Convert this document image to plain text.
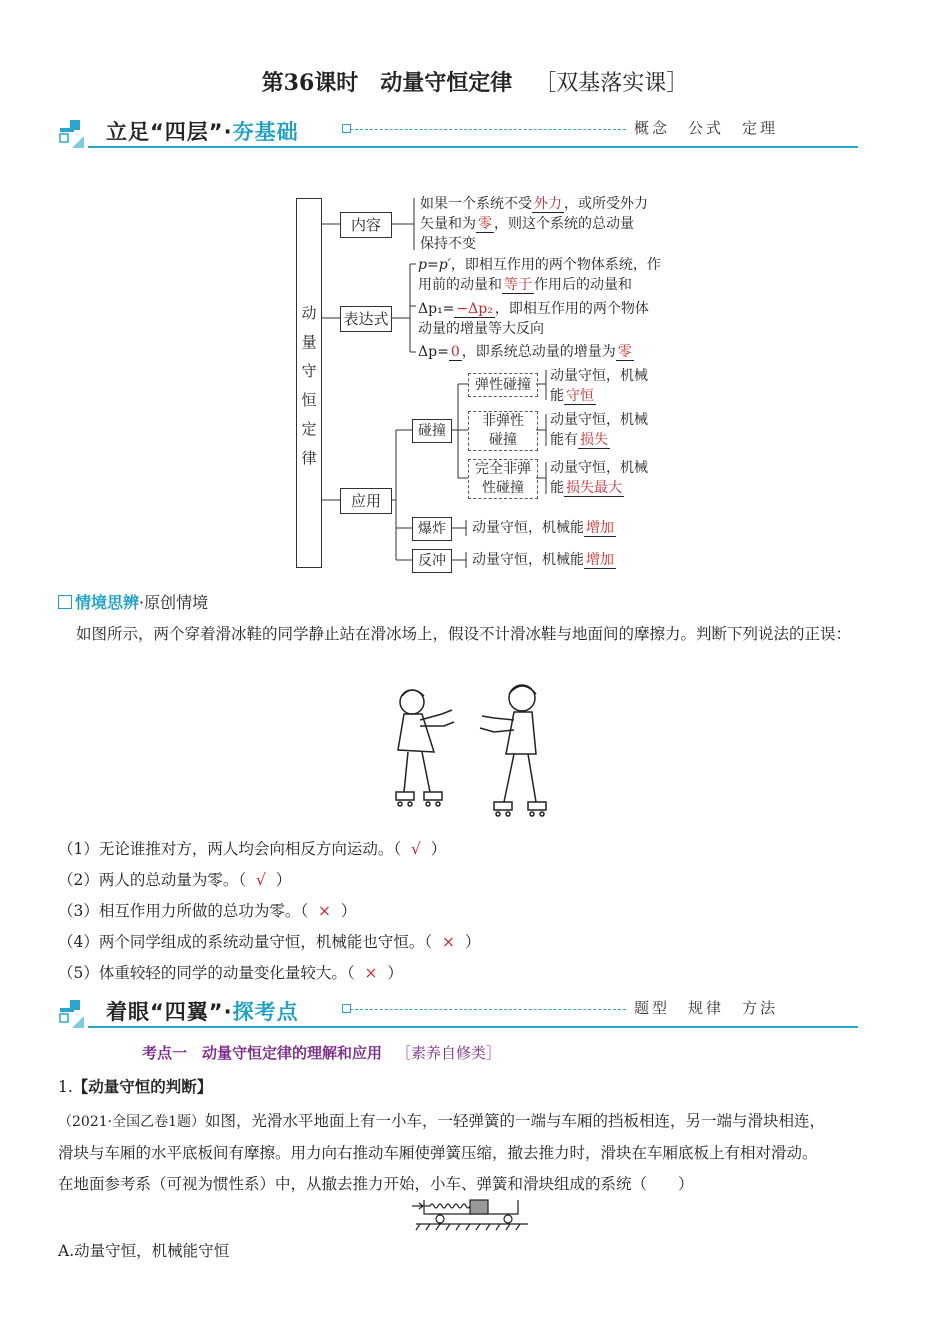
第36课时　动量守恒定律 ［双基落实课］
立足“四层”·夯基础	概念　公式　定理
动
量
守
恒
定
律
内容
表达式
应用
如果一个系统不受 外力 ，或所受外力
矢量和为 零 ，则这个系统的总动量
保持不变
p=p′，即相互作用的两个物体系统，作
用前的动量和 等于 作用后的动量和
Δp₁= −Δp₂ ，即相互作用的两个物体
动量的增量等大反向
Δp= 0 ，即系统总动量的增量为 零
碰撞
弹性碰撞
非弹性
碰撞
完全非弹
性碰撞
动量守恒，机械
能 守恒
动量守恒，机械
能有 损失
动量守恒，机械
能 损失最大
爆炸
反冲
动量守恒，机械能 增加
动量守恒，机械能 增加
情境思辨·原创情境
如图所示，两个穿着滑冰鞋的同学静止站在滑冰场上，假设不计滑冰鞋与地面间的摩擦力。判断下列说法的正误：
（1）无论谁推对方，两人均会向相反方向运动。（ √ ）
（2）两人的总动量为零。（ √ ）
（3）相互作用力所做的总功为零。（ × ）
（4）两个同学组成的系统动量守恒，机械能也守恒。（ × ）
（5）体重较轻的同学的动量变化量较大。（ × ）
着眼“四翼”·探考点	题型　规律　方法
考点一　动量守恒定律的理解和应用 ［素养自修类］
1.【动量守恒的判断】
（2021·全国乙卷1题）如图，光滑水平地面上有一小车，一轻弹簧的一端与车厢的挡板相连，另一端与滑块相连，
滑块与车厢的水平底板间有摩擦。用力向右推动车厢使弹簧压缩，撤去推力时，滑块在车厢底板上有相对滑动。
在地面参考系（可视为惯性系）中，从撤去推力开始，小车、弹簧和滑块组成的系统（　　）
A.动量守恒，机械能守恒
